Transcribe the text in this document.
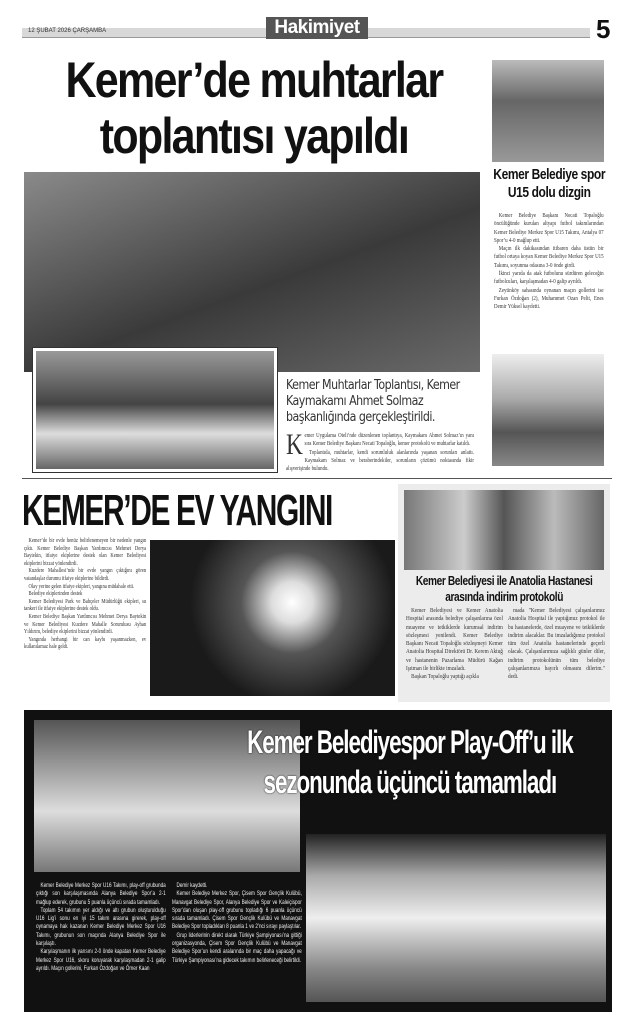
12 ŞUBAT 2026 ÇARŞAMBA	Hakimiyet	5
Kemer’de muhtarlar toplantısı yapıldı
Kemer Muhtarlar Toplantısı, Kemer Kaymakamı Ahmet Solmaz başkanlığında gerçekleştirildi.
K emer Uygulama Oteli’nde düzenlenen toplantıya, Kaymakam Ahmet Solmaz’ın yanı sıra Kemer Belediye Başkanı Necati Topaloğlu, kemer protokolü ve muhtarlar katıldı.

Toplantıda, muhtarlar, kendi sorumluluk alanlarında yaşanan sorunları anlattı. Kaymakam Solmaz ve beraberindekiler, sorunların çözümü noktasında fikir alışverişinde bulundu.

Kemer Belediye spor U15 dolu dizgin

Kemer Belediye Başkanı Necati Topaloğlu öncülüğünde kurulan altyapı futbol takımlarından Kemer Belediye Merkez Spor U15 Takımı, Antalya 07 Spor’u 4-0 mağlup etti.

Maçın ilk dakikasından itibaren daha üstün bir futbol ortaya koyan Kemer Belediye Merkez Spor U15 Takımı, soyunma odasına 3-0 önde girdi.

İkinci yarıda da atak futbolunu sürdüren geleceğin futbolcuları, karşılaşmadan 4-0 galip ayrıldı.

Zeytinköy sahasında oynanan maçın gollerini ise Furkan Özdoğan (2), Muhammet Ozan Pelit, Enes Demir Yüksel kaydetti.

KEMER’DE EV YANGINI

Kemer’de bir evde henüz belirlenemeyen bir nedenle yangın çıktı. Kemer Belediye Başkan Yardımcısı Mehmet Derya Baytekin, itfaiye ekiplerine destek olan Kemer Belediyesi ekiplerini bizzat yönlendirdi.

Kuzdere Mahallesi’nde bir evde yangın çıktığını gören vatandaşlar durumu itfaiye ekiplerine bildirdi.

Olay yerine gelen itfaiye ekipleri, yangına müdahale etti.

Belediye ekiplerinden destek

Kemer Belediyesi Park ve Bahçeler Müdürlüğü ekipleri, su tankeri ile itfaiye ekiplerine destek oldu.

Kemer Belediye Başkan Yardımcısı Mehmet Derya Baytekin ve Kemer Belediyesi Kuzdere Mahalle Sorumlusu Ayhan Yıldırım, belediye ekiplerini bizzat yönlendirdi.

Yangında herhangi bir can kaybı yaşanmazken, ev kullanılamaz hale geldi.

Kemer Belediyesi ile Anatolia Hastanesi arasında indirim protokolü

Kemer Belediyesi ve Kemer Anatolia Hospital arasında belediye çalışanlarına özel muayene ve tetkiklerde kurumsal indirim sözleşmesi yenilendi. Kemer Belediye Başkanı Necati Topaloğlu sözleşmeyi Kemer Anatolia Hospital Direktörü Dr. Kerem Aktuğ ve hastanenin Pazarlama Müdürü Kağan Işıtman ile birlikte imzaladı.

Başkan Topaloğlu yaptığı açıkla

mada "Kemer Belediyesi çalışanlarımız Anatolia Hospital ile yaptığımız protokol ile bu hastanelerde, özel muayene ve tetkiklerde indirim alacaklar. Bu imzaladığımız protokol tüm özel Anatolia hastanelerinde geçerli olacak. Çalışanlarımıza sağlıklı günler diler, indirim protokolünün tüm belediye çalışanlarımıza hayırlı olmasını dilerim." dedi.

Kemer Belediyespor Play-Off’u ilk sezonunda üçüncü tamamladı

Kemer Belediye Merkez Spor U16 Takımı, play-off grubunda çıktığı son karşılaşmasında Alanya Belediye Spor’a 2-1 mağlup ederek, grubunu 5 puanla üçüncü sırada tamamladı.

Toplam 54 takımın yer aldığı ve altı grubun oluşturulduğu U16 Lig’i sonu en iyi 15 takım arasına girerek, play-off oynamaya hak kazanan Kemer Belediye Merkez Spor U16 Takımı, grubunun son maçında Alanya Belediye Spor ile karşılaştı.

Karşılaşmanın ilk yarısını 2-0 önde kapatan Kemer Belediye Merkez Spor U16, skoru koruyarak karşılaşmadan 2-1 galip ayrıldı. Maçın gollerini, Furkan Özdoğan ve Ömer Kaan

Demir kaydetti.

Kemer Belediye Merkez Spor, Çisem Spor Gençlik Kulübü, Manavgat Belediye Spor, Alanya Belediye Spor ve Kaleiçispor Spor’dan oluşan play-off grubunu topladığı 6 puanla üçüncü sırada tamamladı. Çisem Spor Gençlik Kulübü ve Manavgat Belediye Spor topladıkları 8 puanla 1 ve 2’nci sırayı paylaştılar.

Grup liderlerinin direkt olarak Türkiye Şampiyonası’na gittiği organizasyonda, Çisem Spor Gençlik Kulübü ve Manavgat Belediye Spor’un kendi aralarında bir maç daha yapacağı ve Türkiye Şampiyonası’na gidecek takımın belirleneceği belirtildi.
